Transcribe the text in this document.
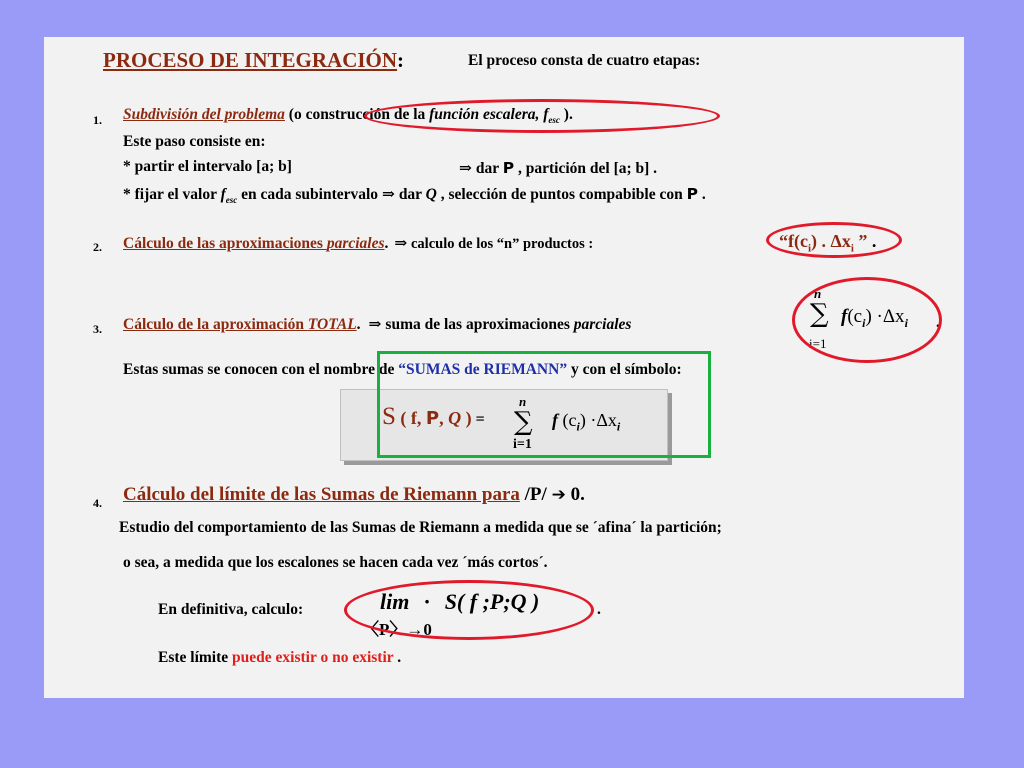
PROCESO DE INTEGRACIÓN:	El proceso consta de cuatro etapas:
1. Subdivisión del problema (o construcción de la función escalera, $f_{esc}$ ).
Este paso consiste en:
* partir el intervalo [a; b]	⇒ dar P , partición del [a; b] .
* fijar el valor $f_{esc}$ en cada subintervalo ⇒ dar Q , selección de puntos compabible con P .
2. Cálculo de las aproximaciones parciales. ⇒ calculo de los “n” productos :	“$f(c_i)$ . $\Delta x_i$ ” .
3. Cálculo de la aproximación TOTAL. ⇒ suma de las aproximaciones parciales
n
∑
i=1
$f(c_i) \cdot\Delta x_i$ .
Estas sumas se conocen con el nombre de “SUMAS de RIEMANN” y con el símbolo:
S ( f, P, Q ) =
n
∑
i=1
f $(c_i) \cdot\Delta x_i$
4. Cálculo del límite de las Sumas de Riemann para /P/ ➔ 0.
Estudio del comportamiento de las Sumas de Riemann a medida que se ´afina´ la partición;
o sea, a medida que los escalones se hacen cada vez ´más cortos´.
En definitiva, calculo:	lim · S( f ;P;Q )
〈P〉→0
.
Este límite puede existir o no existir .
